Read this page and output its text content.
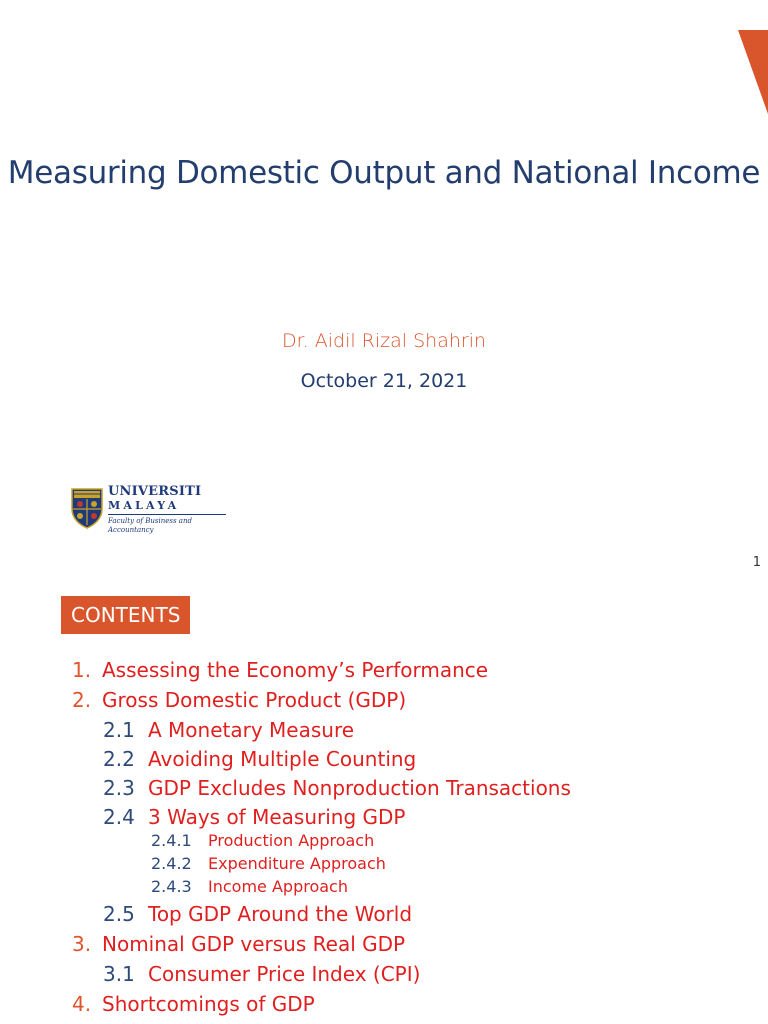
Measuring Domestic Output and National Income
Dr. Aidil Rizal Shahrin
October 21, 2021
UNIVERSITI
MALAYA
Faculty of Business and Accountancy
1
CONTENTS
1. Assessing the Economy’s Performance
2. Gross Domestic Product (GDP)
2.1 A Monetary Measure
2.2 Avoiding Multiple Counting
2.3 GDP Excludes Nonproduction Transactions
2.4 3 Ways of Measuring GDP
2.4.1 Production Approach
2.4.2 Expenditure Approach
2.4.3 Income Approach
2.5 Top GDP Around the World
3. Nominal GDP versus Real GDP
3.1 Consumer Price Index (CPI)
4. Shortcomings of GDP
